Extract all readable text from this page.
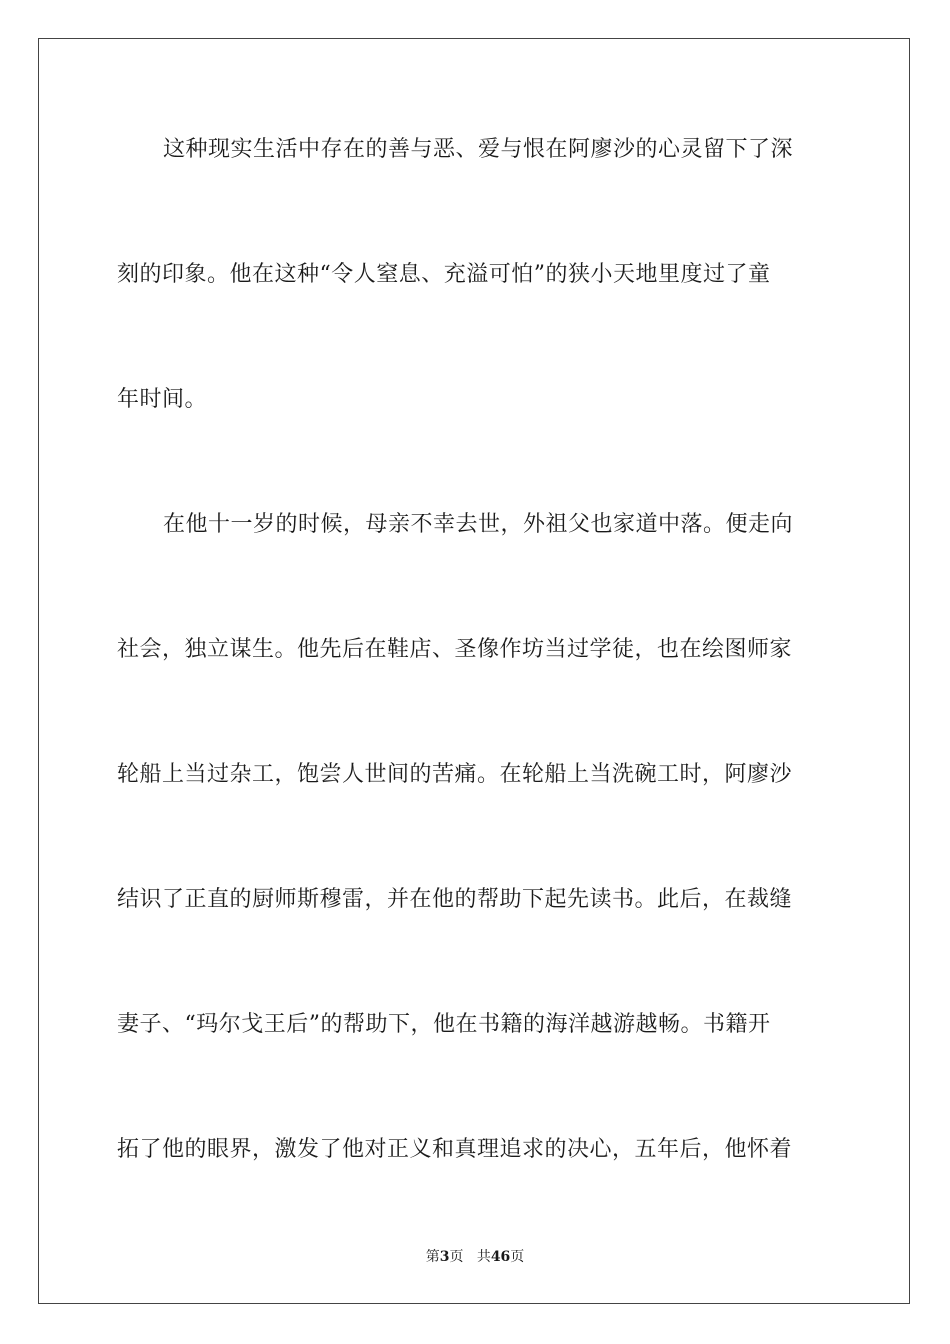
这种现实生活中存在的善与恶、爱与恨在阿廖沙的心灵留下了深
刻的印象。他在这种“令人窒息、充溢可怕”的狭小天地里度过了童
年时间。
在他十一岁的时候，母亲不幸去世，外祖父也家道中落。便走向
社会，独立谋生。他先后在鞋店、圣像作坊当过学徒，也在绘图师家
轮船上当过杂工，饱尝人世间的苦痛。在轮船上当洗碗工时，阿廖沙
结识了正直的厨师斯穆雷，并在他的帮助下起先读书。此后，在裁缝
妻子、“玛尔戈王后”的帮助下，他在书籍的海洋越游越畅。书籍开
拓了他的眼界，激发了他对正义和真理追求的决心，五年后，他怀着
第3页 共46页
